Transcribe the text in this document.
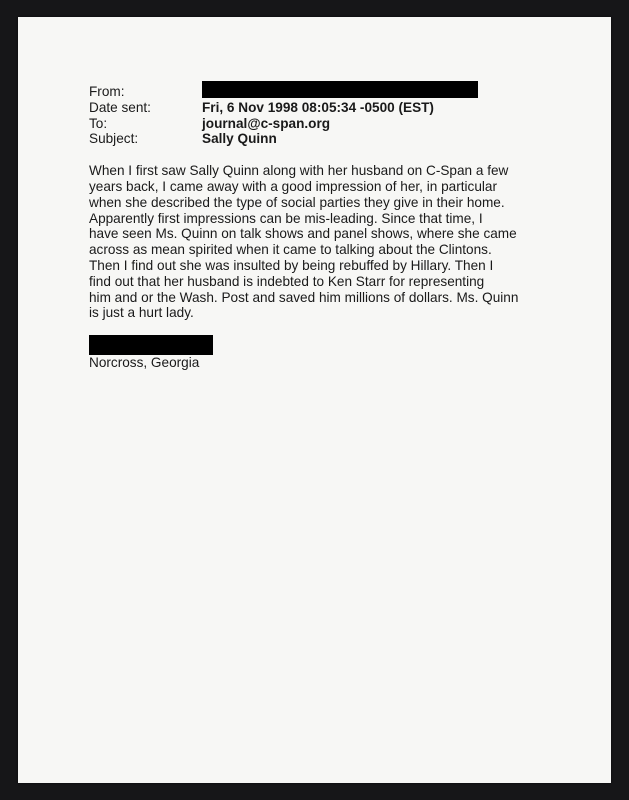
From:
Date sent:	Fri, 6 Nov 1998 08:05:34 -0500 (EST)
To:	journal@c-span.org
Subject:	Sally Quinn
When I first saw Sally Quinn along with her husband on C-Span a few
years back, I came away with a good impression of her, in particular
when she described the type of social parties they give in their home.
Apparently first impressions can be mis-leading. Since that time, I
have seen Ms. Quinn on talk shows and panel shows, where she came
across as mean spirited when it came to talking about the Clintons.
Then I find out she was insulted by being rebuffed by Hillary. Then I
find out that her husband is indebted to Ken Starr for representing
him and or the Wash. Post and saved him millions of dollars. Ms. Quinn
is just a hurt lady.
Norcross, Georgia
